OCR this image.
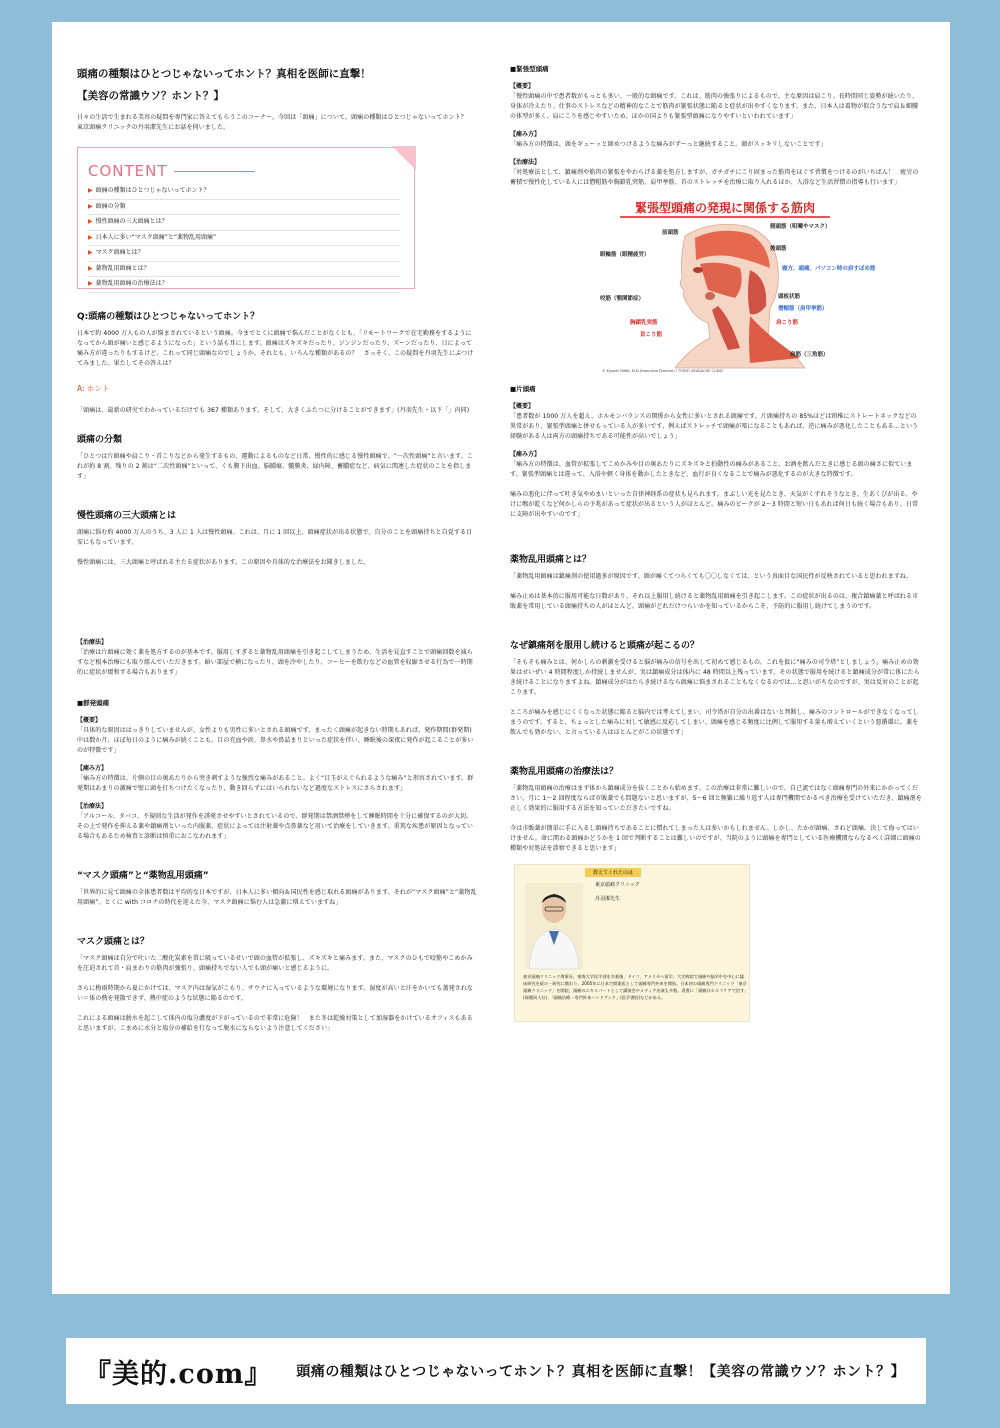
頭痛の種類はひとつじゃないってホント？真相を医師に直撃！
【美容の常識ウソ？ホント？】
日々の生活で生まれる美容の疑問を専門家に答えてもらうこのコーナー。今回は「頭痛」について。頭痛の種類はひとつじゃないってホント？　東京頭痛クリニックの丹羽潔先生にお話を伺いました。
CONTENT
▶ 頭痛の種類はひとつじゃないってホント？
▶ 頭痛の分類
▶ 慢性頭痛の三大頭痛とは？
▶ 日本人に多い“マスク頭痛”と“薬物乱用頭痛”
▶ マスク頭痛とは？
▶ 薬物乱用頭痛とは？
▶ 薬物乱用頭痛の治療法は？
Q:頭痛の種類はひとつじゃないってホント？
日本で約 4000 万人もの人が悩まされているという頭痛。今までとくに頭痛で悩んだことがなくとも、「リモートワークで在宅勤務をするようになってから頭が痛いと感じるようになった」という話も耳にします。頭痛はズキズキだったり、ジンジンだったり、ズーンだったり、日によって痛み方が違ったりもするけど、これって同じ頭痛なのでしょうか。それとも、いろんな種類があるの？　さっそく、この疑問を丹羽先生にぶつけてみました。果たしてその答えは？
A: ホント
「頭痛は、最新の研究でわかっているだけでも 367 種類あります。そして、大きくふたつに分けることができます」(丹羽先生・以下「」内同)
頭痛の分類
「ひとつは片頭痛や肩こり・首こりなどから発生するもの、運動によるものなど日常、慢性的に感じる慢性頭痛で、“一次性頭痛”と言います。これが約 8 割。残りの 2 割は“二次性頭痛”といって、くも膜下出血、脳腫瘍、髄膜炎、緑内障、蓄膿症など、病気に関連した症状のことを指します」
慢性頭痛の三大頭痛とは
頭痛に悩む約 4000 万人のうち、3 人に 1 人は慢性頭痛。これは、月に 1 回以上、頭痛症状が出る状態で、自分のことを頭痛持ちと自覚する目安にもなっています。
慢性頭痛には、三大頭痛と呼ばれる主たる症状があります。この原因や具体的な治療法をお聞きしました。
【治療法】
「治療は片頭痛に効く薬を処方するのが基本です。服用しすぎると薬物乱用頭痛を引き起こしてしまうため、生活を見直すことで頭痛回数を減らすなど根本治療にも取り組んでいただきます。暗い部屋で横になったり、頭を冷やしたり、コーヒーを飲むなどの血管を収縮させる行為で一時期的に症状が緩和する場合もあります」
■群発頭痛
【概要】
「具体的な原因ははっきりしていませんが、女性よりも男性に多いとされる頭痛です。まったく頭痛が起きない時期もあれば、発作期間(群発期)中は数か月、ほぼ毎日のように痛みが続くことも。目の充血や涙、鼻水や鼻詰まりといった症状を伴い、睡眠後の深夜に発作が起こることが多いのが特徴です」
【痛み方】
「痛み方の特徴は、片側の目の奥あたりから突き刺すような強烈な痛みがあること。よく“目玉がえぐられるような痛み”と形容されています。群発期はあまりの激痛で壁に頭を打ちつけたくなったり、動き回らずにはいられないなど過度なストレスにさらされます」
【治療法】
「アルコール、タバコ、不規則な生活が発作を誘発させやすいとされているので、群発期は禁酒禁煙をして睡眠時間を十分に確保するのが大切。その上で発作を抑える薬や鎮痛剤といった内服薬、症状によっては注射薬や点鼻薬など用いて治療をしていきます。重篤な疾患が原因となっている場合もあるため検査と診断は慎重におこなわれます」
“マスク頭痛”と“薬物乱用頭痛”
「世界的に見て頭痛の全体患者数は平均的な日本ですが、日本人に多い傾向＆国民性を感じ取れる頭痛があります。それが“マスク頭痛”と“薬物乱用頭痛”。とくに with コロナの時代を迎えた今、マスク頭痛に悩む人は急激に増えていますね」
マスク頭痛とは？
「マスク頭痛は自分で吐いた二酸化炭素を常に吸っているせいで頭の血管が拡張し、ズキズキと痛みます。また、マスクのひもで咬筋やこめかみを圧迫されて首・肩まわりの筋肉が強張り、頭痛持ちでない人でも頭が痛いと感じるように。
さらに梅雨時期から夏にかけては、マスク内は湿気がこもり、サウナに入っているような環境になります。湿度が高いと汗をかいても蒸発されない＝体の熱を発散できず、熱中症のような状態に陥るのです。
これによる頭痛は脱水を起こして体内の塩分濃度が下がっているので非常に危険！　また冬は乾燥対策として加湿器をかけているオフィスもあると思いますが、こまめに水分と塩分の補給を行なって脱水にならないよう注意してください」
■緊張型頭痛
【概要】
「慢性頭痛の中で患者数がもっとも多い、一般的な頭痛です。これは、筋肉の強張りによるもので、主な原因は肩こり。長時間同じ姿勢が続いたり、身体が冷えたり、仕事のストレスなどの精神的なことで筋肉が緊張状態に陥ると症状が出やすくなります。また、日本人は着物が似合うなで肩＆細腰の体型が多く、肩にこりを感じやすいため、ほかの国よりも緊張型頭痛になりやすいといわれています」
【痛み方】
「痛み方の特徴は、頭をギューッと締めつけるような痛みがずーっと継続すること。頭がスッキリしないことです」
【治療法】
「対処療法として、鎮痛剤や筋肉の緊張をやわらげる薬を処方しますが、ガチガチにこり固まった筋肉をほぐす習慣をつけるのがいちばん！　疲労の蓄積で慢性化している人には僧帽筋や胸鎖乳突筋、肩甲挙筋、首のストレッチを治療に取り入れるほか、入浴など生活習慣の指導も行います」
緊張型頭痛の発現に関係する筋肉
前頭筋
側頭筋（咀嚼やマスク）
眼輪筋（眼精疲労）
後頭筋
寝方、頭痛、パソコン時の肩すぼめ筋
咬筋（顎関節症）	頭板状筋
胸鎖乳突筋
僧帽筋（肩甲挙筋）
首こり筋
肩こり筋
肩筋（三角筋）
© Kiyoshi NIWA, M.D.(Executive Director) / TOKYO HEADACHE CLINIC
■片頭痛
【概要】
「患者数が 1000 万人を超え、ホルモンバランスの関係から女性に多いとされる頭痛です。片頭痛持ちの 85%ほどは頸椎にストレートネックなどの異常があり、緊張型頭痛と併せもっている人が多いです。例えばストレッチで頭痛が楽になることもあれば、逆に痛みが悪化したこともある…という経験がある人は両方の頭痛持ちである可能性が高いでしょう」
【痛み方】
「痛み方の特徴は、血管が拡張してこめかみや目の奥あたりにズキズキと拍動性の痛みがあること。お酒を飲んだときに感じる頭の痛さに似ています。緊張型頭痛とは違って、入浴や軽く身体を動かしたときなど、血行が良くなることで痛みが悪化するのが大きな特徴です。
痛みの悪化に伴って吐き気やめまいといった自律神経系の症状も見られます。まぶしい光を見たとき、天気がくずれそうなとき、生あくびが出る、やけに喉が乾くなど何かしらの予兆があって症状が出るという人がほとんど。痛みのピークが 2〜3 時間と短い日もあれば何日も続く場合もあり、日常に支障が出やすいのです」
薬物乱用頭痛とは？
「薬物乱用頭痛は鎮痛剤の使用過多が原因です。頭が痛くてつらくても〇〇しなくては、という真面目な国民性が反映されていると思われますね。
痛み止めは基本的に服用可能な日数があり、それ以上服用し続けると薬物乱用頭痛を引き起こします。この症状が出るのは、複合鎮痛薬と呼ばれる市販薬を常用している頭痛持ちの人がほとんど。頭痛がどれだけつらいかを知っているからこそ、予防的に服用し続けてしまうのです。
なぜ鎮痛剤を服用し続けると頭痛が起こるの？
「そもそも痛みとは、何かしらの刺激を受けると脳が痛みの信号を出して初めて感じるもの。これを仮に“痛みの司令塔”としましょう。痛み止めの効果はせいぜい 4 時間程度しか持続しませんが、実は鎮痛成分は体内に 48 時間以上残っています。その状態で服用を続けると鎮痛成分が常に体にたらき続けることになりますよね。鎮痛成分がはたらき続けるなら頭痛に悩まされることもなくなるのでは…と思いがちなのですが、実は反対のことが起こります。
ところが痛みを感じにくくなった状態に陥ると脳内では考えてしまい、司令塔が自分の出番はないと判断し、痛みのコントロールができなくなってしまうのです。すると、ちょっとした痛みに対して敏感に反応してしまい、頭痛を感じる頻度に比例して服用する量も増えていくという悪循環に。薬を飲んでも効かない、と言っている人はほとんどがこの状態です」
薬物乱用頭痛の治療法は？
「薬物乱用頭痛の治療はまず体から鎮痛成分を抜くことから始めます。この治療は非常に難しいので、自己流ではなく頭痛専門の外来にかかってください。月に 1〜2 回程度ならば市販薬でも問題ないと思いますが、5〜6 回と頻繁に繰り返す人は専門機関でかるべき治療を受けていただき、鎮痛剤を正しく効果的に服用する方法を知っていただきたいですね。
今は市販薬が簡単に手に入るし頭痛持ちであることに慣れてしまった人は多いかもしれません。しかし、たかが頭痛、されど頭痛。決して侮ってはいけません。命に関わる頭痛かどうかを 1 回で判断することは難しいのですが、当院のように頭痛を専門としている医療機関ならなるべく詳細に頭痛の種類や対処法を診察できると思います」
教えてくれたのは
東京頭痛クリニック
丹羽潔先生
東京頭痛クリニック理事長。東海大学医学部を卒業後、ドイツ、アメリカへ留学。大学病院で頭痛や脳卒中を中心に臨床研究を続け・研究に携わり、2005年に日本で開業医として頭痛専門外来を開始。日本初の頭痛専門クリニック「東京頭痛クリニック」を開院。頭痛のエキスパートとして講演会やメディア出演も多数。著書に「頭痛はセルフケアで治す」(保健同人社)、「頭痛治療・専門外来ハンドブック」(医学書院)などがある。
『美的.com』 頭痛の種類はひとつじゃないってホント？真相を医師に直撃！【美容の常識ウソ？ホント？】
